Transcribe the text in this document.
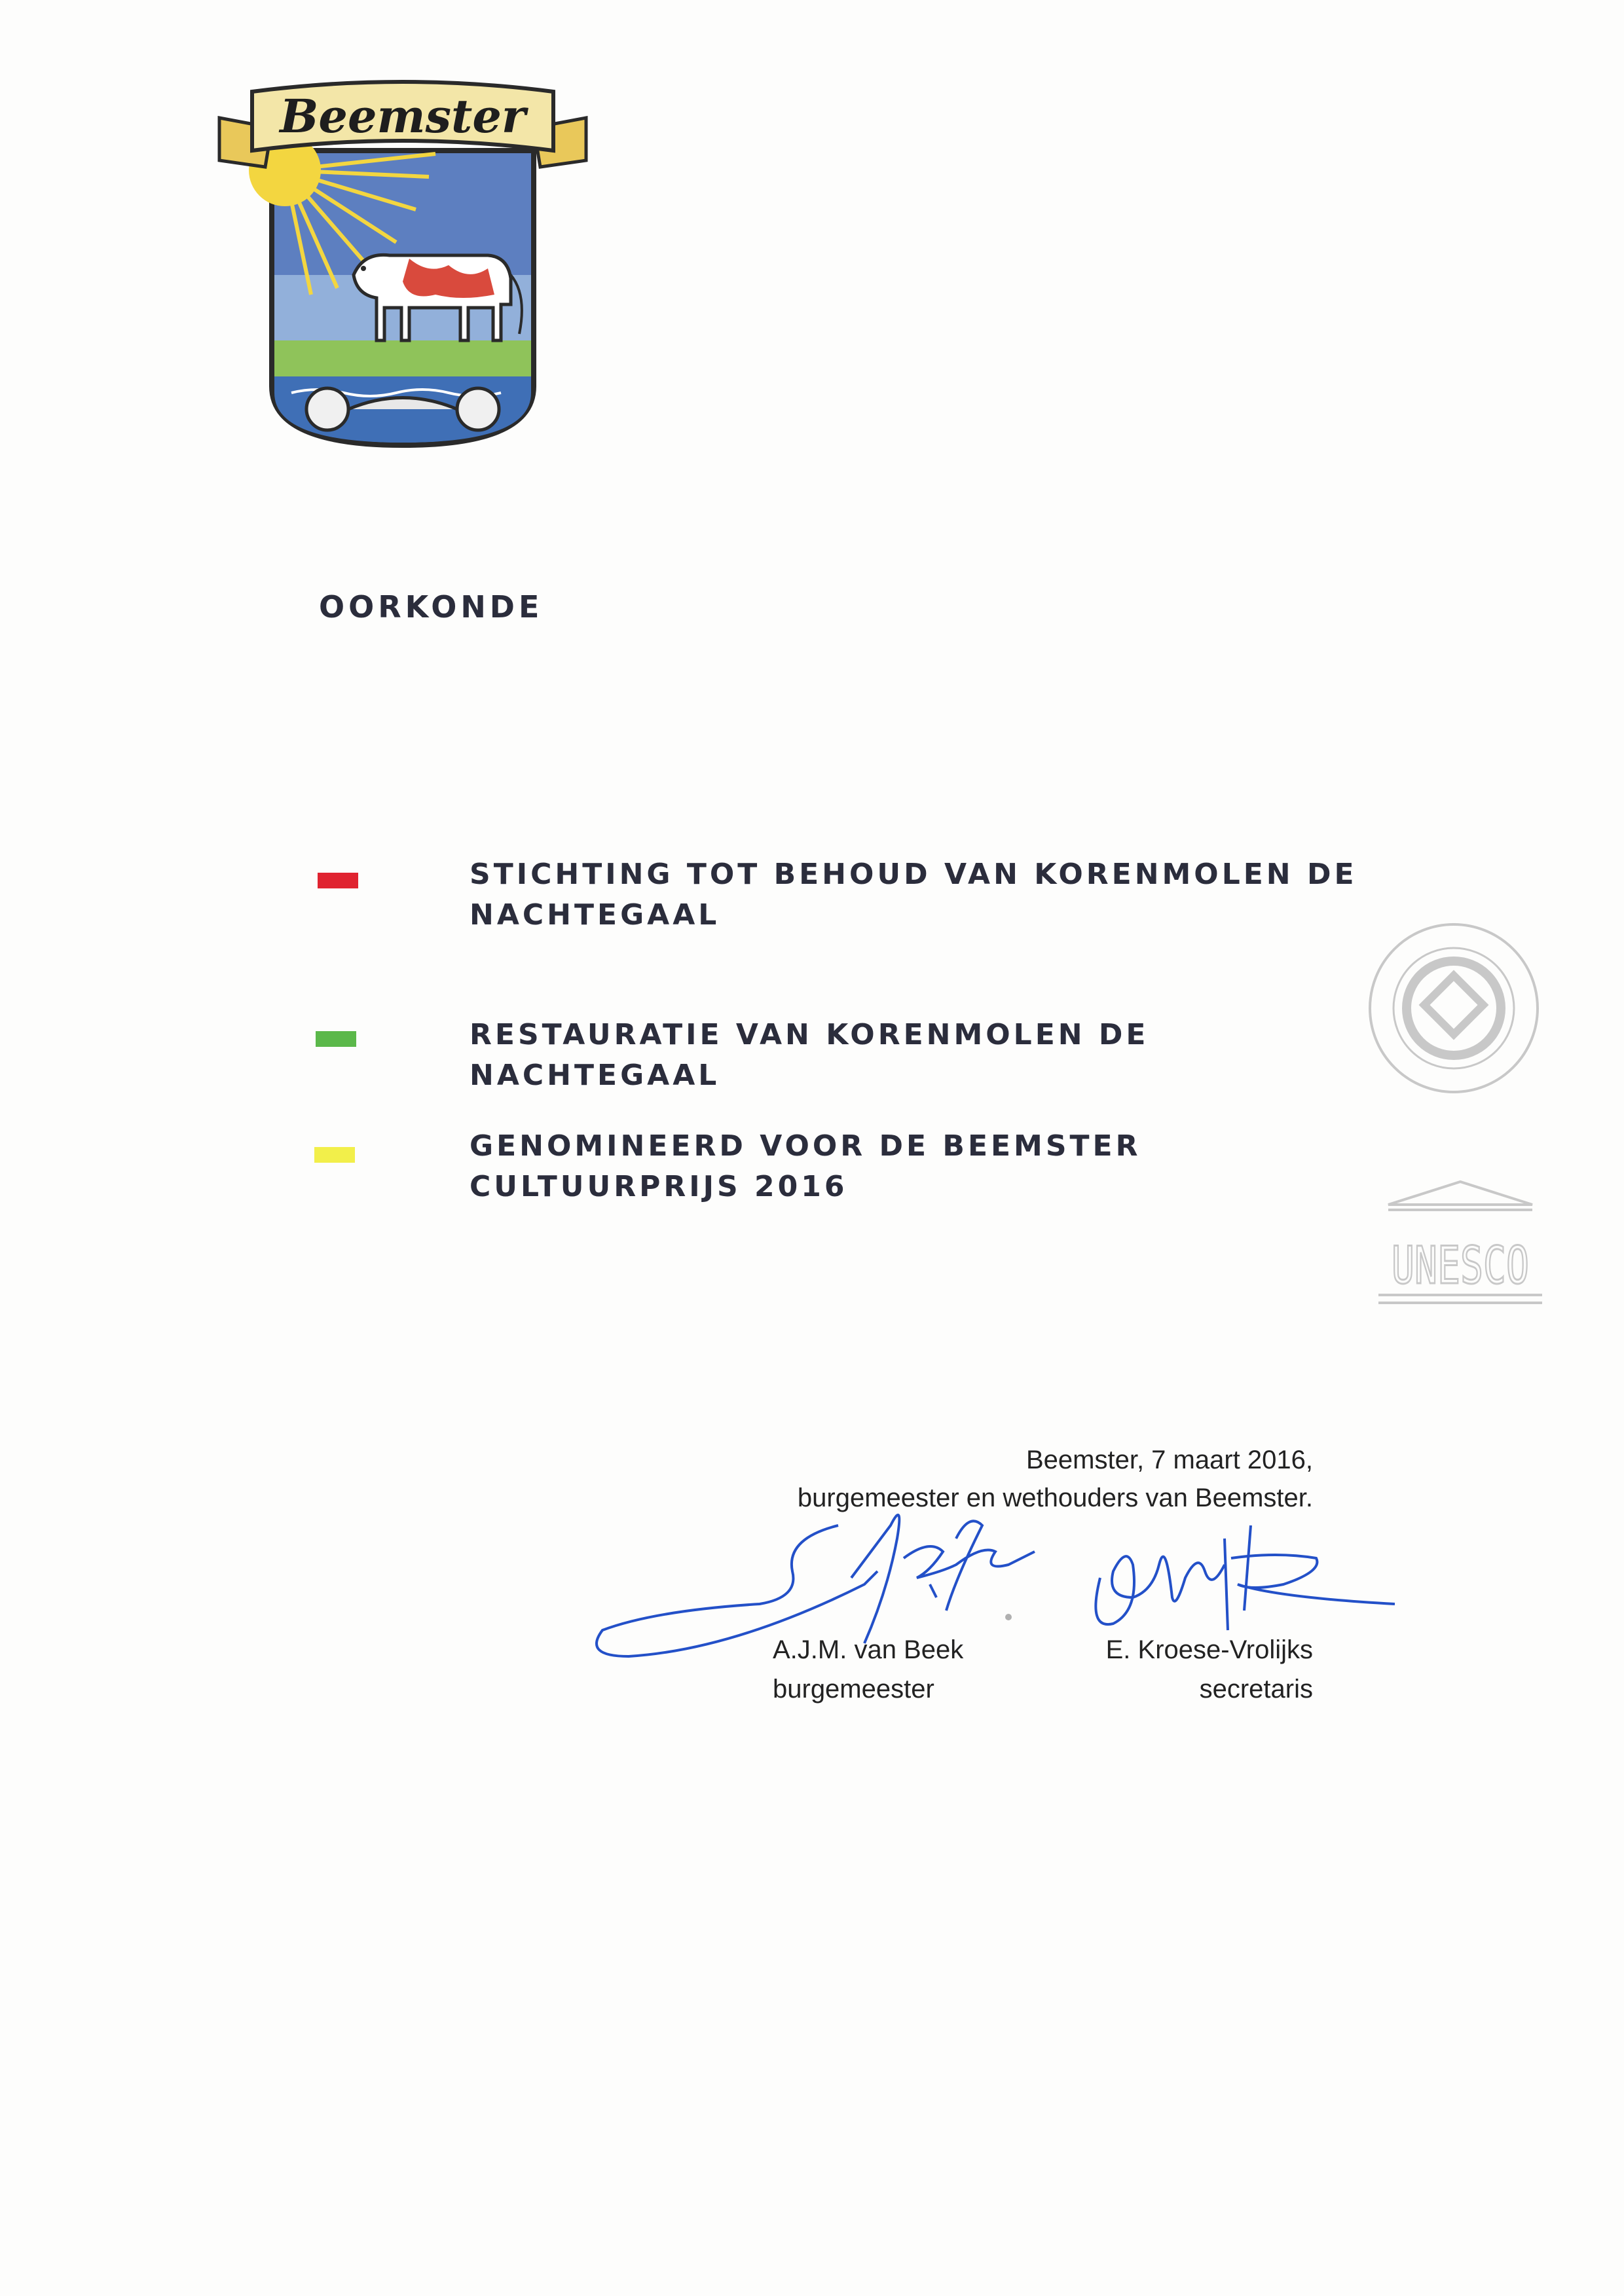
Beemster
OORKONDE
STICHTING TOT BEHOUD VAN KORENMOLEN DE
NACHTEGAAL
RESTAURATIE VAN KORENMOLEN DE NACHTEGAAL
GENOMINEERD VOOR DE BEEMSTER
CULTUURPRIJS 2016
UNESCO
Beemster, 7 maart 2016,
burgemeester en wethouders van Beemster.
A.J.M. van Beek
burgemeester
E. Kroese-Vrolijks
secretaris
